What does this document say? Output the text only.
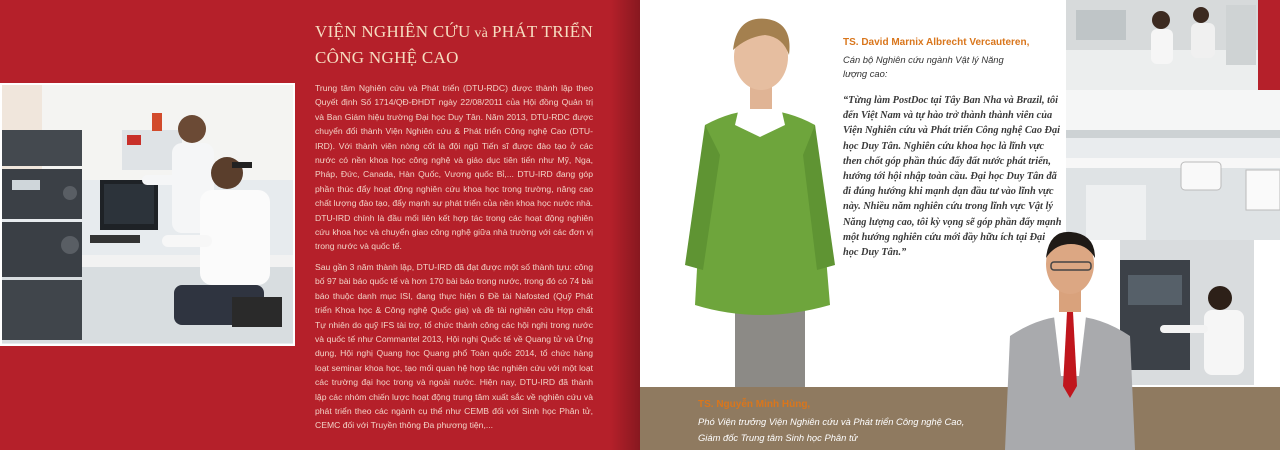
VIỆN NGHIÊN CỨU và PHÁT TRIỂN
CÔNG NGHỆ CAO

Trung tâm Nghiên cứu và Phát triển (DTU-RDC) được thành lập theo Quyết định Số 1714/QĐ-ĐHDT ngày 22/08/2011 của Hội đồng Quản trị và Ban Giám hiệu trường Đại học Duy Tân. Năm 2013, DTU-RDC được chuyển đổi thành Viện Nghiên cứu & Phát triển Công nghệ Cao (DTU-IRD). Với thành viên nòng cốt là đội ngũ Tiến sĩ được đào tạo ở các nước có nền khoa học công nghệ và giáo dục tiên tiến như Mỹ, Nga, Pháp, Đức, Canada, Hàn Quốc, Vương quốc Bỉ,... DTU-IRD đang góp phần thúc đẩy hoạt động nghiên cứu khoa học trong trường, nâng cao chất lượng đào tạo, đẩy mạnh sự phát triển của nền khoa học nước nhà. DTU-IRD chính là đầu mối liên kết hợp tác trong các hoạt động nghiên cứu khoa học và chuyển giao công nghệ giữa nhà trường với các đơn vị trong nước và quốc tế.

Sau gần 3 năm thành lập, DTU-IRD đã đạt được một số thành tựu: công bố 97 bài báo quốc tế và hơn 170 bài báo trong nước, trong đó có 74 bài báo thuộc danh mục ISI, đang thực hiện 6 Đề tài Nafosted (Quỹ Phát triển Khoa học & Công nghệ Quốc gia) và đề tài nghiên cứu Hợp chất Tự nhiên do quỹ IFS tài trợ, tổ chức thành công các hội nghị trong nước và quốc tế như Commantel 2013, Hội nghị Quốc tế về Quang tử và Ứng dụng, Hội nghị Quang học Quang phổ Toàn quốc 2014, tổ chức hàng loạt seminar khoa học, tạo mối quan hệ hợp tác nghiên cứu với một loạt các trường đại học trong và ngoài nước. Hiện nay, DTU-IRD đã thành lập các nhóm chiến lược hoạt động trung tâm xuất sắc về nghiên cứu và phát triển theo các ngành cụ thể như CEMB đối với Sinh học Phân tử, CEMC đối với Truyền thông Đa phương tiện,...

TS. David Marnix Albrecht Vercauteren,
Cán bộ Nghiên cứu ngành Vật lý Năng lượng cao:
“Từng làm PostDoc tại Tây Ban Nha và Brazil, tôi đến Việt Nam và tự hào trở thành thành viên của Viện Nghiên cứu và Phát triển Công nghệ Cao Đại học Duy Tân. Nghiên cứu khoa học là lĩnh vực then chốt góp phần thúc đẩy đất nước phát triển, hướng tới hội nhập toàn cầu. Đại học Duy Tân đã đi đúng hướng khi mạnh dạn đầu tư vào lĩnh vực này. Nhiều năm nghiên cứu trong lĩnh vực Vật lý Năng lượng cao, tôi kỳ vọng sẽ góp phần đẩy mạnh một hướng nghiên cứu mới đầy hữu ích tại Đại học Duy Tân.”
TS. Nguyễn Minh Hùng,
Phó Viện trưởng Viện Nghiên cứu và Phát triển Công nghệ Cao,
Giám đốc Trung tâm Sinh học Phân tử
